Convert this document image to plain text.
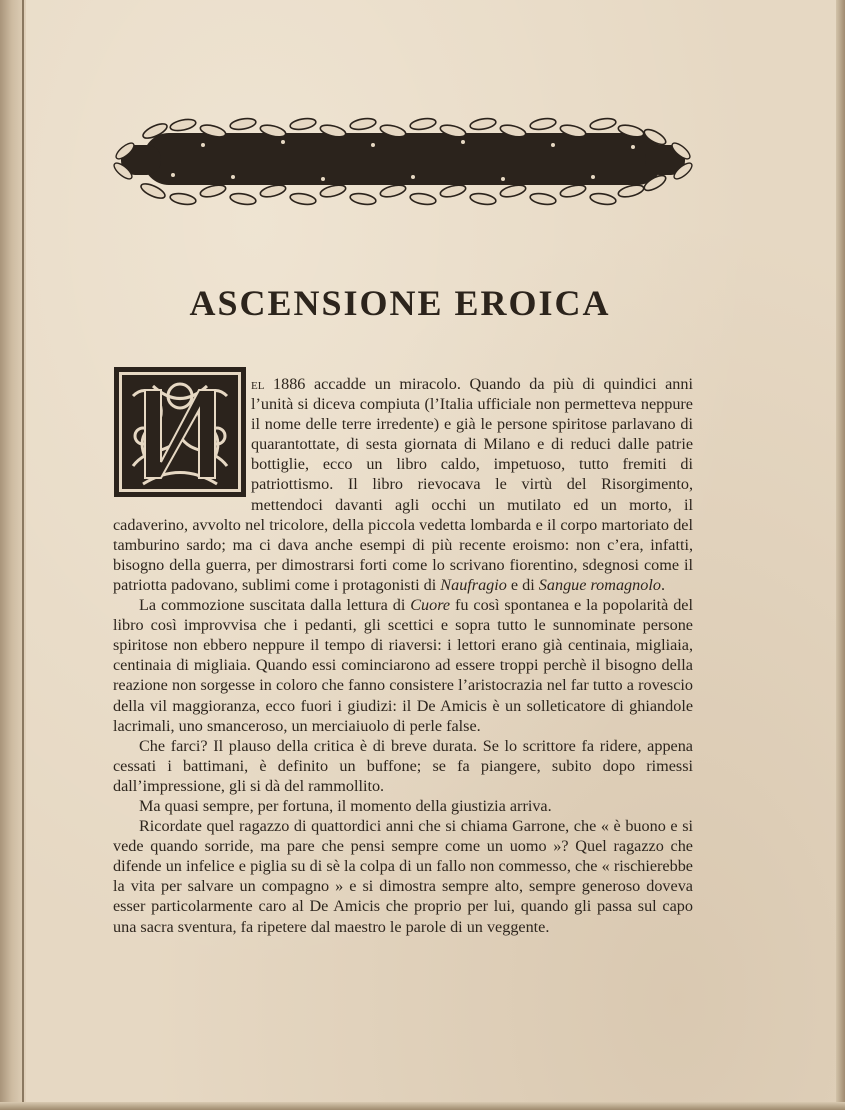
ASCENSIONE EROICA

el 1886 accadde un miracolo. Quando da più di quindici anni l’unità si diceva compiuta (l’Italia ufficiale non permetteva neppure il nome delle terre irredente) e già le persone spiritose parlavano di quarantottate, di sesta giornata di Milano e di reduci dalle patrie bottiglie, ecco un libro caldo, impetuoso, tutto fremiti di patriottismo. Il libro rievocava le virtù del Risorgimento, mettendoci davanti agli occhi un mutilato ed un morto, il cadaverino, avvolto nel tricolore, della piccola vedetta lombarda e il corpo martoriato del tamburino sardo; ma ci dava anche esempi di più recente eroismo: non c’era, infatti, bisogno della guerra, per dimostrarsi forti come lo scrivano fiorentino, sdegnosi come il patriotta padovano, sublimi come i protagonisti di Naufragio e di Sangue romagnolo.

La commozione suscitata dalla lettura di Cuore fu così spontanea e la popolarità del libro così improvvisa che i pedanti, gli scettici e sopra tutto le sunnominate persone spiritose non ebbero neppure il tempo di riaversi: i lettori erano già centinaia, migliaia, centinaia di migliaia. Quando essi cominciarono ad essere troppi perchè il bisogno della reazione non sorgesse in coloro che fanno consistere l’aristocrazia nel far tutto a rovescio della vil maggioranza, ecco fuori i giudizi: il De Amicis è un solleticatore di ghiandole lacrimali, uno smanceroso, un merciaiuolo di perle false.

Che farci? Il plauso della critica è di breve durata. Se lo scrittore fa ridere, appena cessati i battimani, è definito un buffone; se fa piangere, subito dopo rimessi dall’impressione, gli si dà del rammollito.

Ma quasi sempre, per fortuna, il momento della giustizia arriva.

Ricordate quel ragazzo di quattordici anni che si chiama Garrone, che « è buono e si vede quando sorride, ma pare che pensi sempre come un uomo »? Quel ragazzo che difende un infelice e piglia su di sè la colpa di un fallo non commesso, che « rischierebbe la vita per salvare un compagno » e si dimostra sempre alto, sempre generoso doveva esser particolarmente caro al De Amicis che proprio per lui, quando gli passa sul capo una sacra sventura, fa ripetere dal maestro le parole di un veggente.
